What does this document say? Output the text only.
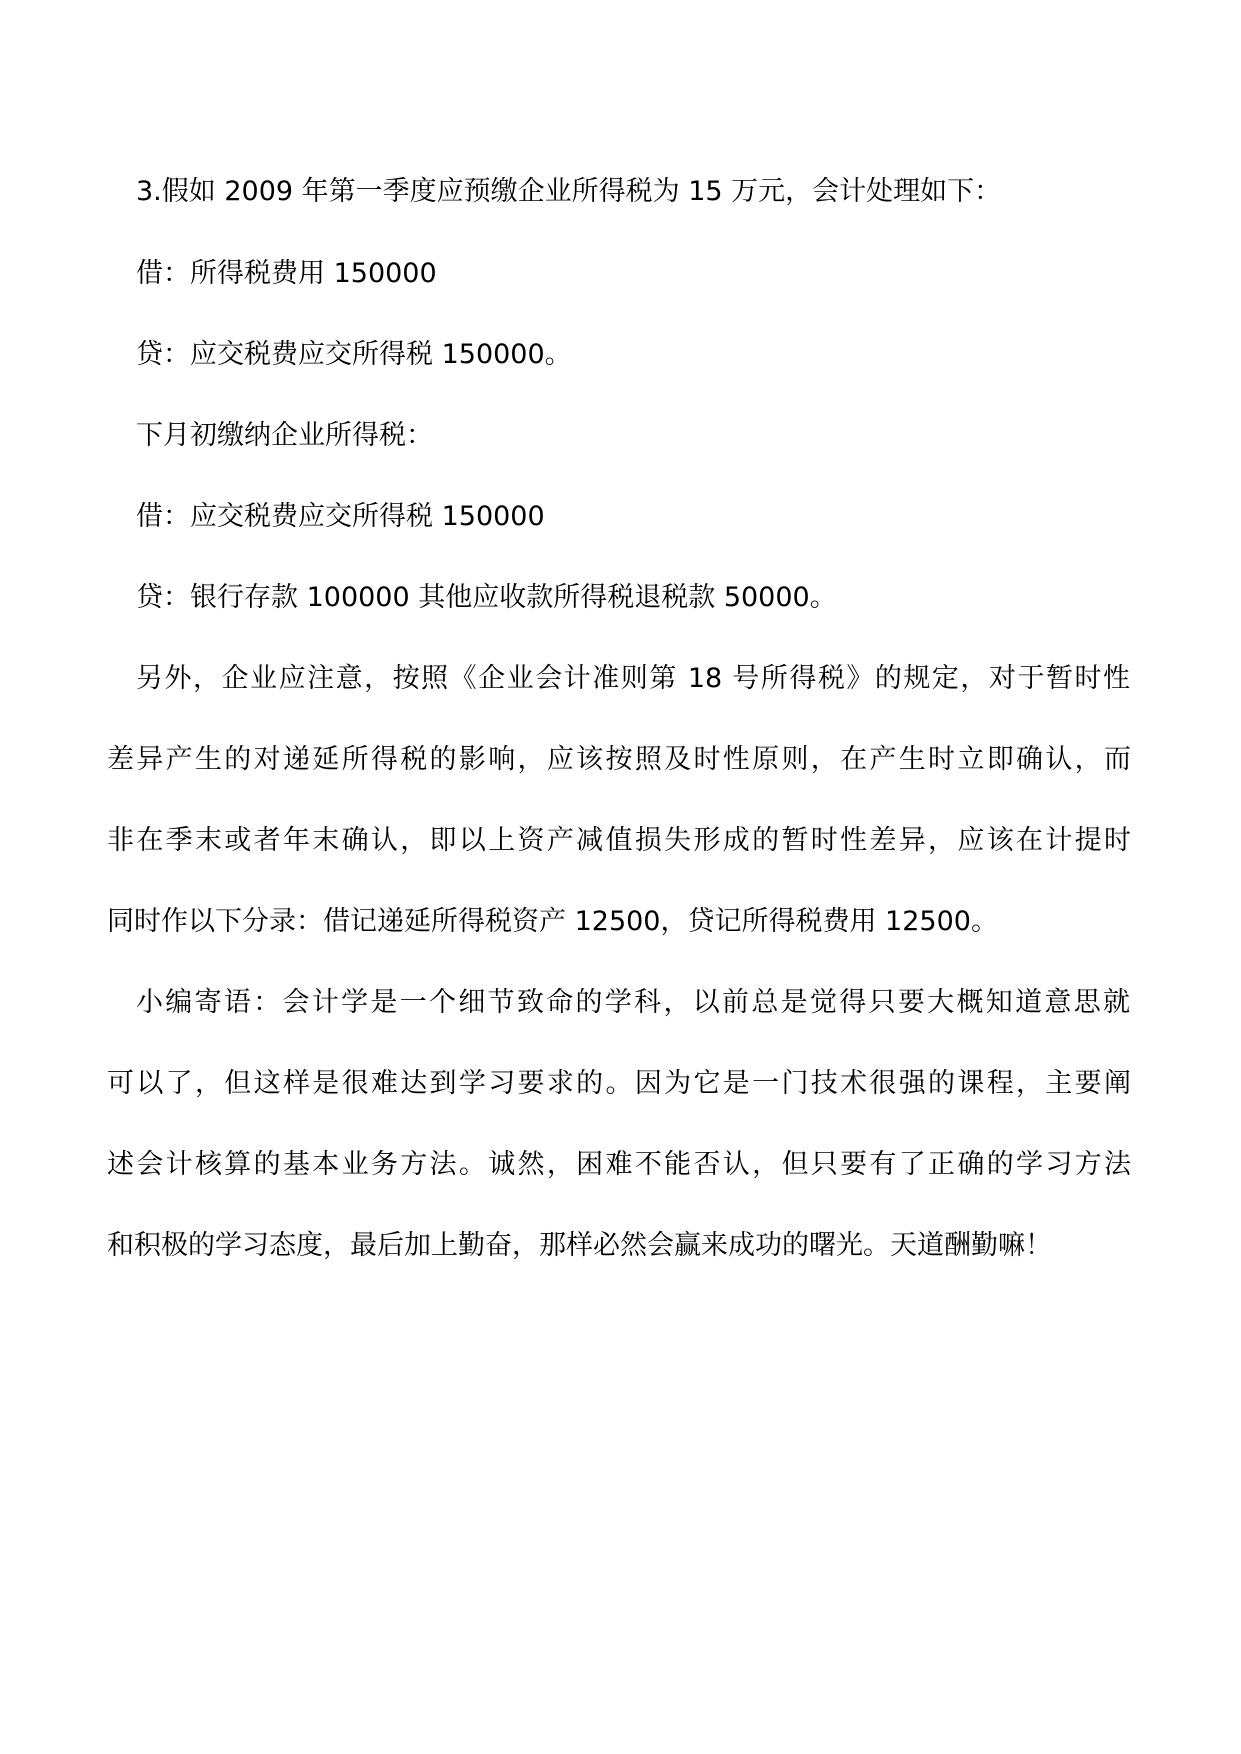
3.假如 2009 年第一季度应预缴企业所得税为 15 万元，会计处理如下：
借：所得税费用 150000
贷：应交税费应交所得税 150000。
下月初缴纳企业所得税：
借：应交税费应交所得税 150000
贷：银行存款 100000 其他应收款所得税退税款 50000。
另外，企业应注意，按照《企业会计准则第 18 号所得税》的规定，对于暂时性
差异产生的对递延所得税的影响，应该按照及时性原则，在产生时立即确认，而
非在季末或者年末确认，即以上资产减值损失形成的暂时性差异，应该在计提时
同时作以下分录：借记递延所得税资产 12500，贷记所得税费用 12500。
小编寄语：会计学是一个细节致命的学科，以前总是觉得只要大概知道意思就
可以了，但这样是很难达到学习要求的。因为它是一门技术很强的课程，主要阐
述会计核算的基本业务方法。诚然，困难不能否认，但只要有了正确的学习方法
和积极的学习态度，最后加上勤奋，那样必然会赢来成功的曙光。天道酬勤嘛！
